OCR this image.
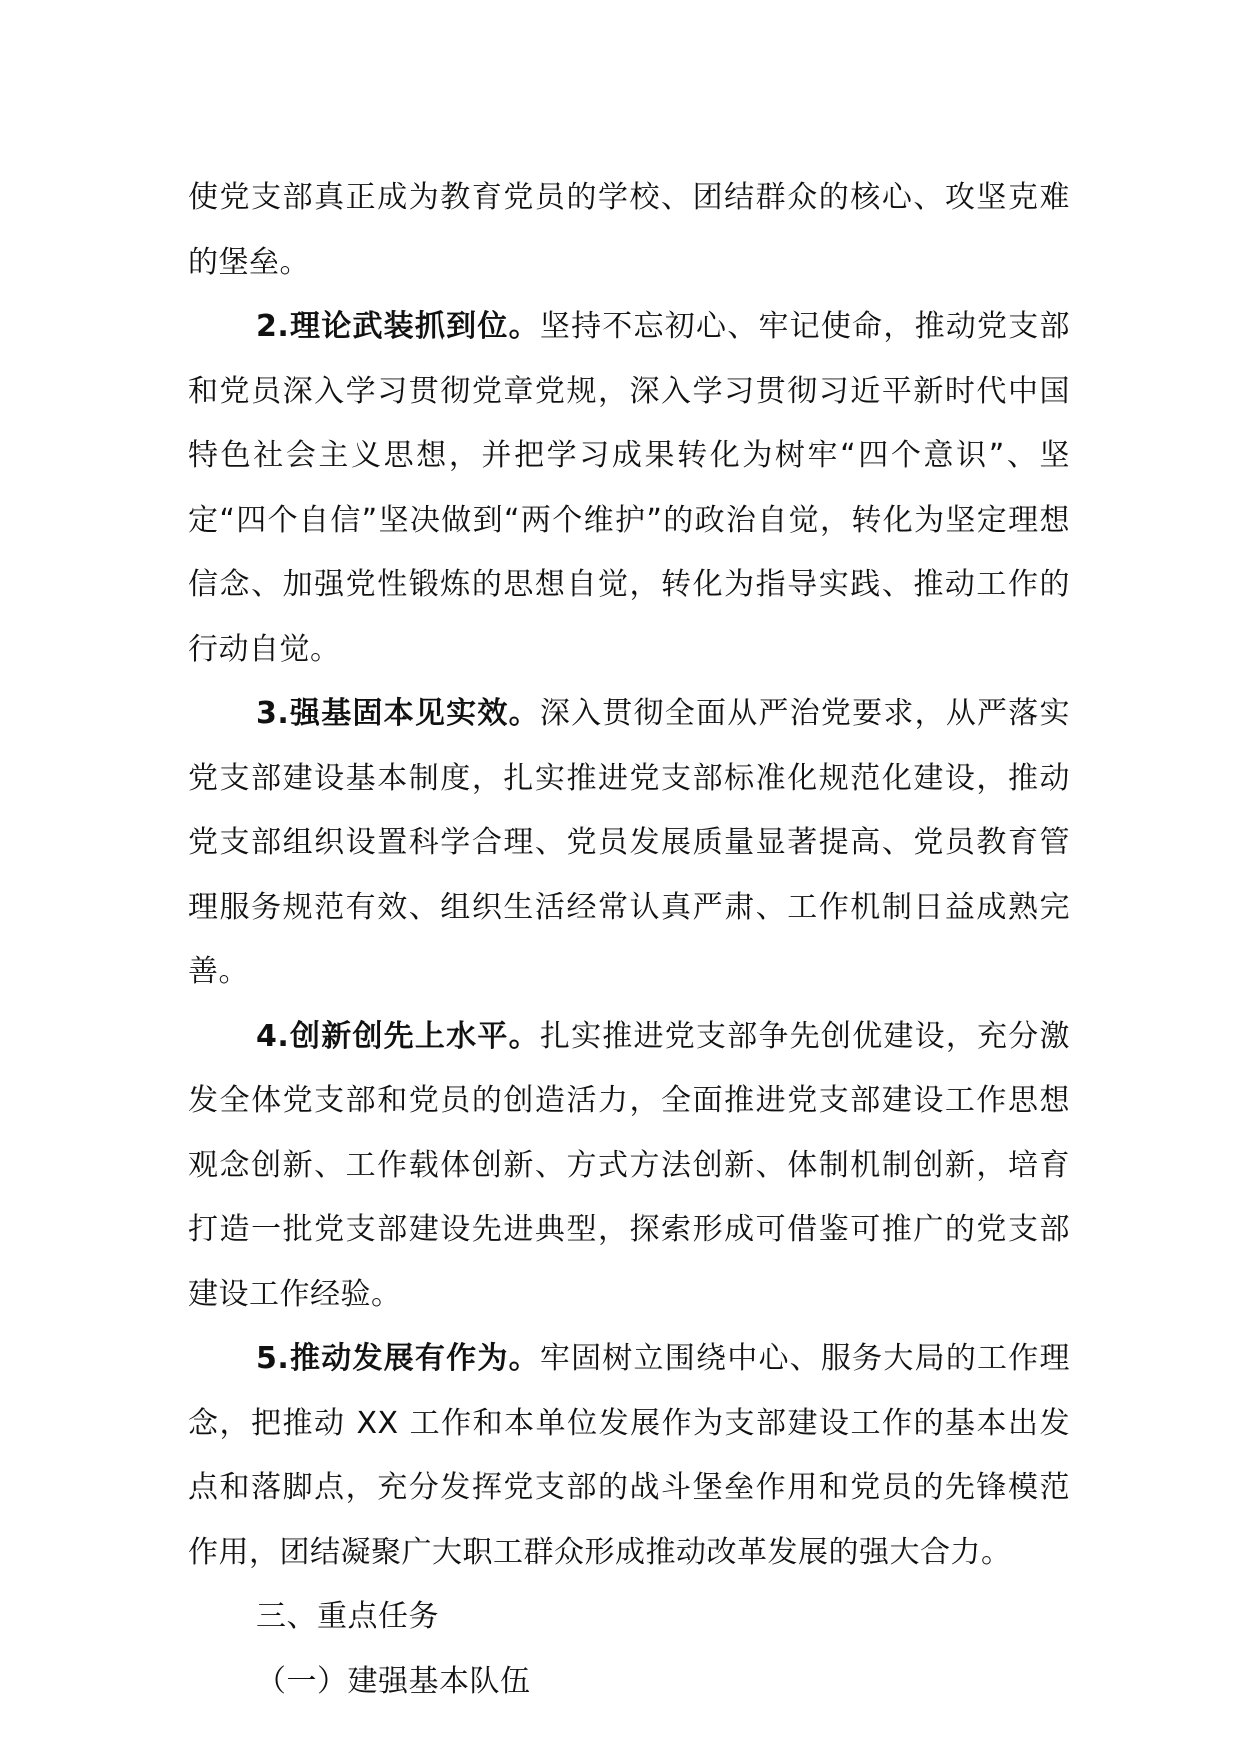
使党支部真正成为教育党员的学校、团结群众的核心、攻坚克难的堡垒。

2.理论武装抓到位。坚持不忘初心、牢记使命，推动党支部和党员深入学习贯彻党章党规，深入学习贯彻习近平新时代中国特色社会主义思想，并把学习成果转化为树牢“四个意识”、坚定“四个自信”坚决做到“两个维护”的政治自觉，转化为坚定理想信念、加强党性锻炼的思想自觉，转化为指导实践、推动工作的行动自觉。

3.强基固本见实效。深入贯彻全面从严治党要求，从严落实党支部建设基本制度，扎实推进党支部标准化规范化建设，推动党支部组织设置科学合理、党员发展质量显著提高、党员教育管理服务规范有效、组织生活经常认真严肃、工作机制日益成熟完善。

4.创新创先上水平。扎实推进党支部争先创优建设，充分激发全体党支部和党员的创造活力，全面推进党支部建设工作思想观念创新、工作载体创新、方式方法创新、体制机制创新，培育打造一批党支部建设先进典型，探索形成可借鉴可推广的党支部建设工作经验。

5.推动发展有作为。牢固树立围绕中心、服务大局的工作理念，把推动 XX 工作和本单位发展作为支部建设工作的基本出发点和落脚点，充分发挥党支部的战斗堡垒作用和党员的先锋模范作用，团结凝聚广大职工群众形成推动改革发展的强大合力。

三、重点任务

（一）建强基本队伍
